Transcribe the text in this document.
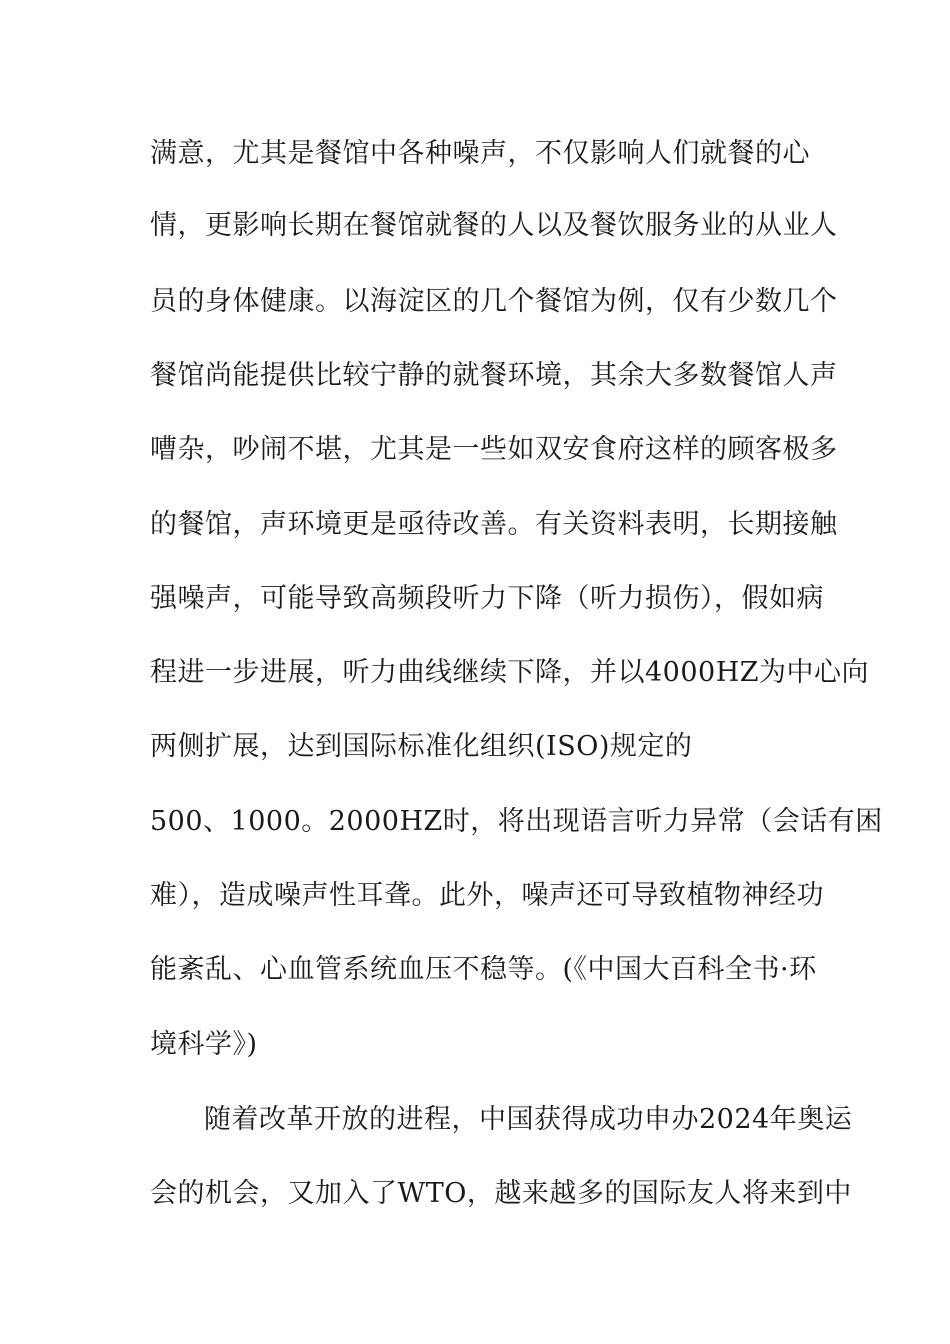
满意，尤其是餐馆中各种噪声，不仅影响人们就餐的心
情，更影响长期在餐馆就餐的人以及餐饮服务业的从业人
员的身体健康。以海淀区的几个餐馆为例，仅有少数几个
餐馆尚能提供比较宁静的就餐环境，其余大多数餐馆人声
嘈杂，吵闹不堪，尤其是一些如双安食府这样的顾客极多
的餐馆，声环境更是亟待改善。有关资料表明，长期接触
强噪声，可能导致高频段听力下降（听力损伤），假如病
程进一步进展，听力曲线继续下降，并以4000HZ为中心向
两侧扩展，达到国际标准化组织(ISO)规定的
500、1000。2000HZ时，将出现语言听力异常（会话有困
难），造成噪声性耳聋。此外，噪声还可导致植物神经功
能紊乱、心血管系统血压不稳等。(《中国大百科全书·环
境科学》)
随着改革开放的进程，中国获得成功申办2024年奥运
会的机会，又加入了WTO，越来越多的国际友人将来到中
